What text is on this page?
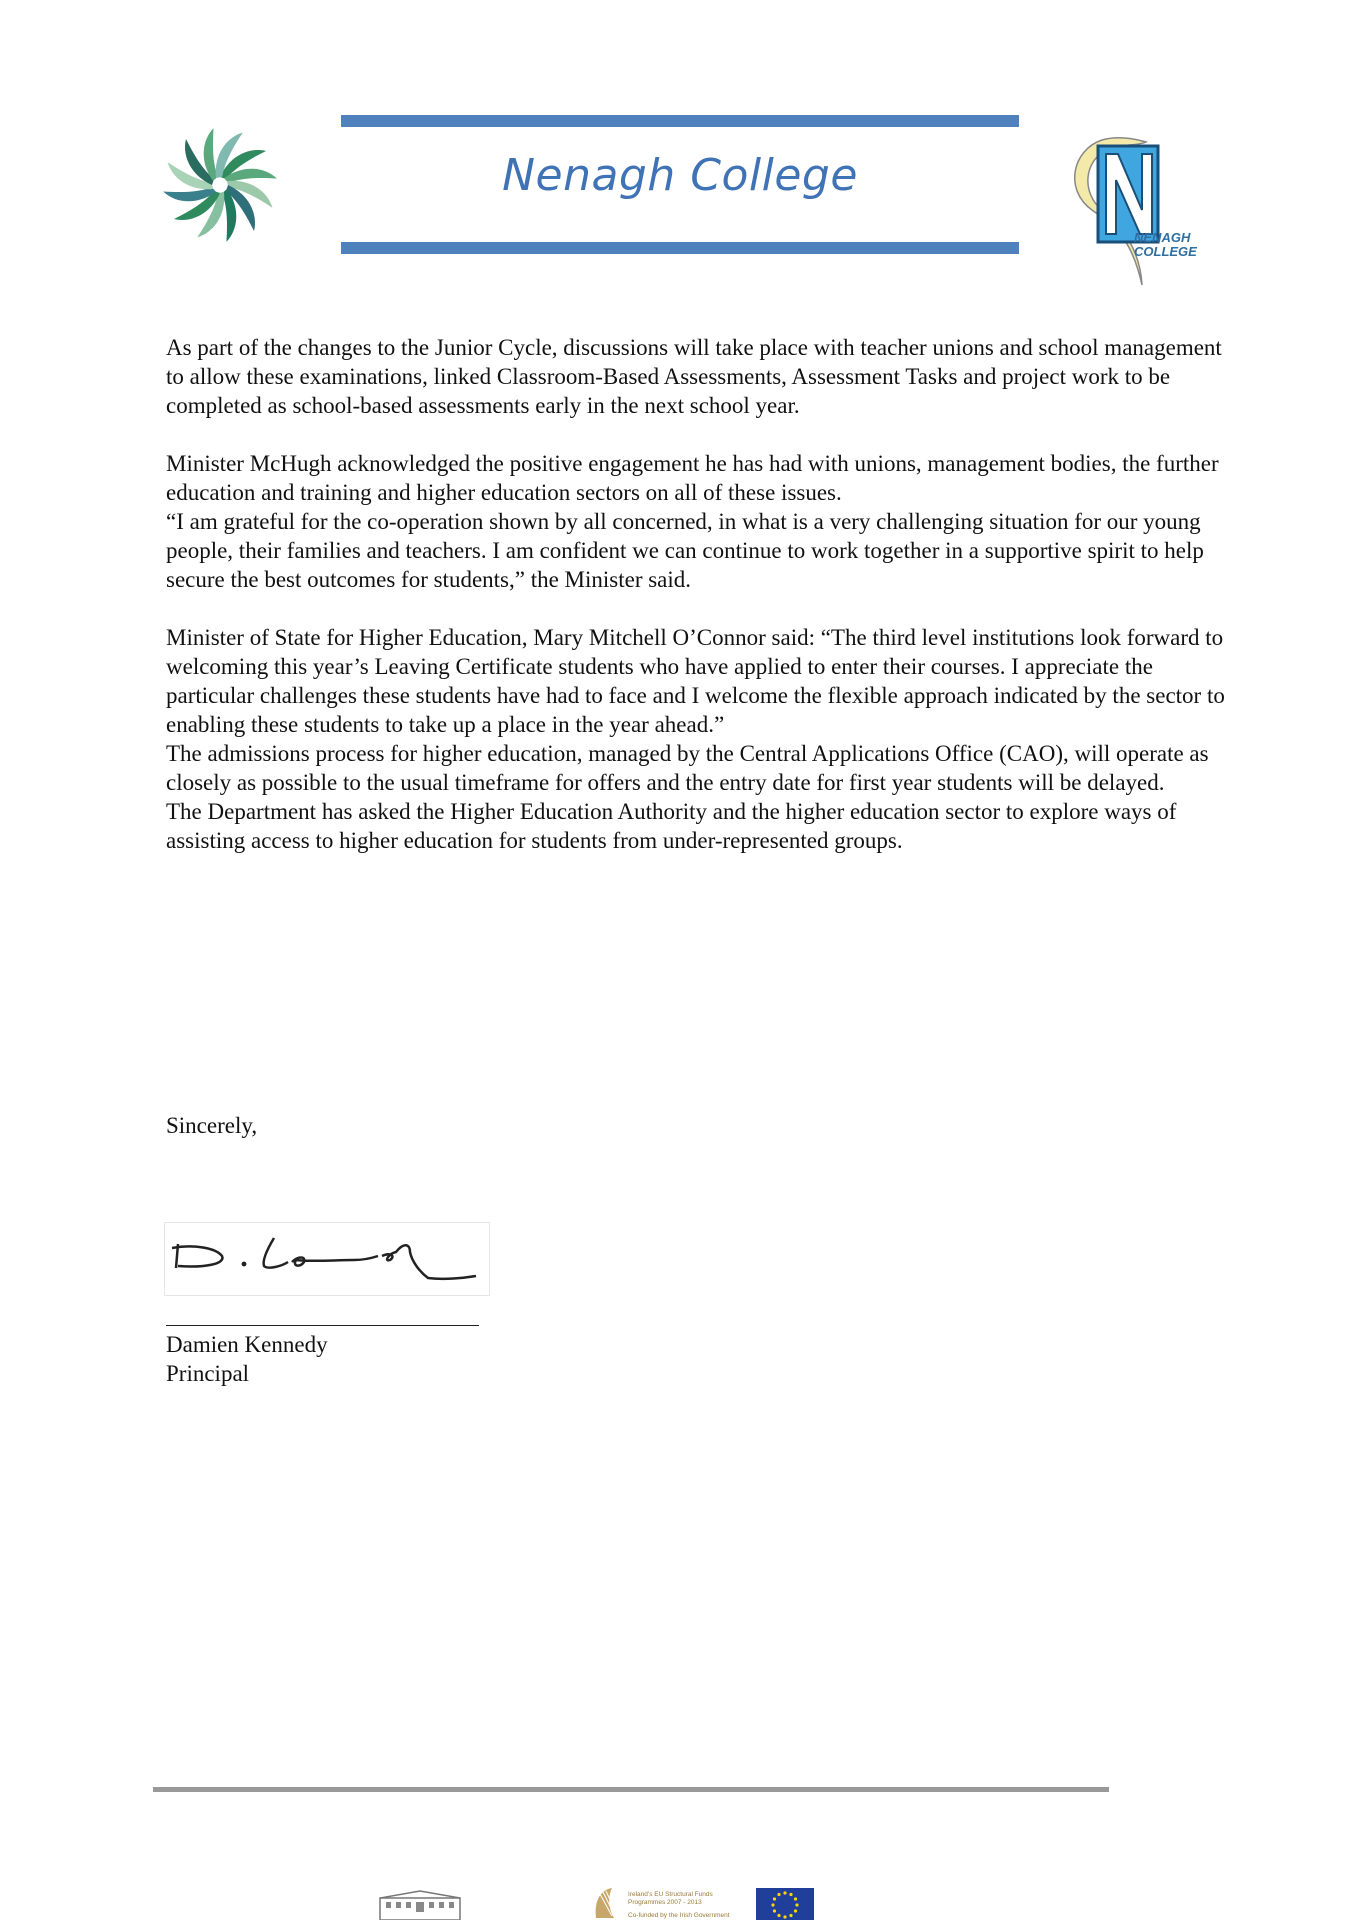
Nenagh College
NENAGH
COLLEGE

As part of the changes to the Junior Cycle, discussions will take place with teacher unions and school management to allow these examinations, linked Classroom-Based Assessments, Assessment Tasks and project work to be completed as school-based assessments early in the next school year.

Minister McHugh acknowledged the positive engagement he has had with unions, management bodies, the further education and training and higher education sectors on all of these issues.

“I am grateful for the co-operation shown by all concerned, in what is a very challenging situation for our young people, their families and teachers. I am confident we can continue to work together in a supportive spirit to help secure the best outcomes for students,” the Minister said.

Minister of State for Higher Education, Mary Mitchell O’Connor said: “The third level institutions look forward to welcoming this year’s Leaving Certificate students who have applied to enter their courses. I appreciate the particular challenges these students have had to face and I welcome the flexible approach indicated by the sector to enabling these students to take up a place in the year ahead.”

The admissions process for higher education, managed by the Central Applications Office (CAO), will operate as closely as possible to the usual timeframe for offers and the entry date for first year students will be delayed.

The Department has asked the Higher Education Authority and the higher education sector to explore ways of assisting access to higher education for students from under-represented groups.

Sincerely,
Damien Kennedy
Principal
Ireland’s EU Structural Funds
Programmes 2007 - 2013
Co-funded by the Irish Government
